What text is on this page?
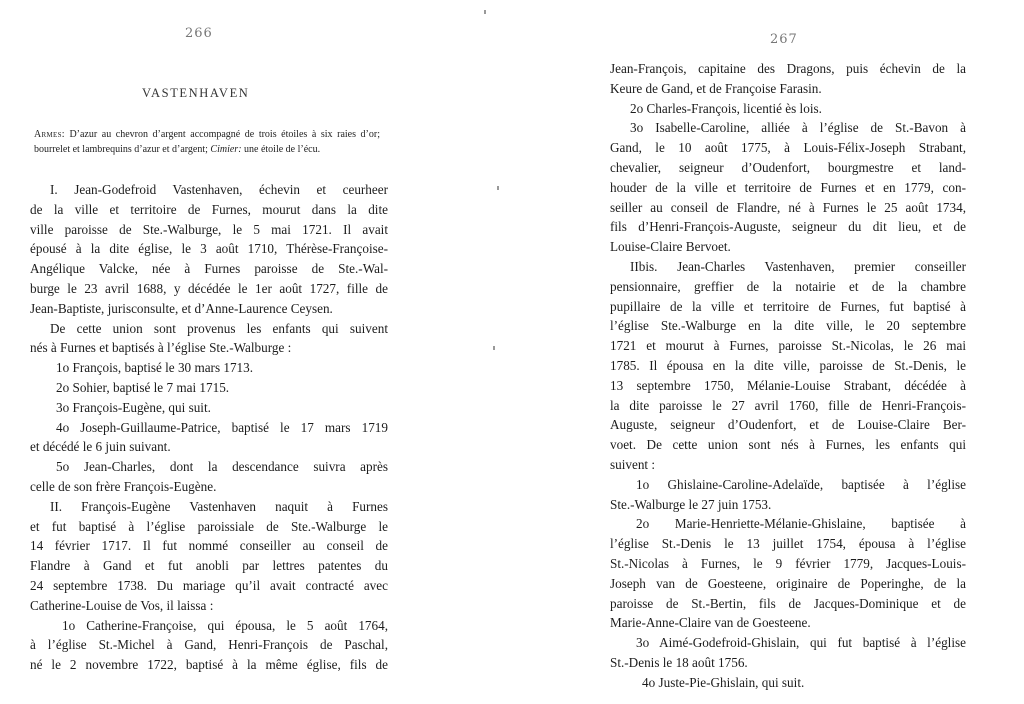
266
VASTENHAVEN
Armes: D’azur au chevron d’argent accompagné de trois étoiles à six raies d’or; bourrelet et lambrequins d’azur et d’argent; Cimier: une étoile de l’écu.
I. Jean-Godefroid Vastenhaven, échevin et ceurheer
de la ville et territoire de Furnes, mourut dans la dite
ville paroisse de Ste.-Walburge, le 5 mai 1721. Il avait
épousé à la dite église, le 3 août 1710, Thérèse-Françoise-
Angélique Valcke, née à Furnes paroisse de Ste.-Wal-
burge le 23 avril 1688, y décédée le 1er août 1727, fille de
Jean-Baptiste, jurisconsulte, et d’Anne-Laurence Ceysen.
De cette union sont provenus les enfants qui suivent
nés à Furnes et baptisés à l’église Ste.-Walburge :
1o François, baptisé le 30 mars 1713.
2o Sohier, baptisé le 7 mai 1715.
3o François-Eugène, qui suit.
4o Joseph-Guillaume-Patrice, baptisé le 17 mars 1719
et décédé le 6 juin suivant.
5o Jean-Charles, dont la descendance suivra après
celle de son frère François-Eugène.
II. François-Eugène Vastenhaven naquit à Furnes
et fut baptisé à l’église paroissiale de Ste.-Walburge le
14 février 1717. Il fut nommé conseiller au conseil de
Flandre à Gand et fut anobli par lettres patentes du
24 septembre 1738. Du mariage qu’il avait contracté avec
Catherine-Louise de Vos, il laissa :
1o Catherine-Françoise, qui épousa, le 5 août 1764,
à l’église St.-Michel à Gand, Henri-François de Paschal,
né le 2 novembre 1722, baptisé à la même église, fils de
267
Jean-François, capitaine des Dragons, puis échevin de la
Keure de Gand, et de Françoise Farasin.
2o Charles-François, licentié ès lois.
3o Isabelle-Caroline, alliée à l’église de St.-Bavon à
Gand, le 10 août 1775, à Louis-Félix-Joseph Strabant,
chevalier, seigneur d’Oudenfort, bourgmestre et land-
houder de la ville et territoire de Furnes et en 1779, con-
seiller au conseil de Flandre, né à Furnes le 25 août 1734,
fils d’Henri-François-Auguste, seigneur du dit lieu, et de
Louise-Claire Bervoet.
IIbis. Jean-Charles Vastenhaven, premier conseiller
pensionnaire, greffier de la notairie et de la chambre
pupillaire de la ville et territoire de Furnes, fut baptisé à
l’église Ste.-Walburge en la dite ville, le 20 septembre
1721 et mourut à Furnes, paroisse St.-Nicolas, le 26 mai
1785. Il épousa en la dite ville, paroisse de St.-Denis, le
13 septembre 1750, Mélanie-Louise Strabant, décédée à
la dite paroisse le 27 avril 1760, fille de Henri-François-
Auguste, seigneur d’Oudenfort, et de Louise-Claire Ber-
voet. De cette union sont nés à Furnes, les enfants qui
suivent :
1o Ghislaine-Caroline-Adelaïde, baptisée à l’église
Ste.-Walburge le 27 juin 1753.
2o Marie-Henriette-Mélanie-Ghislaine, baptisée à
l’église St.-Denis le 13 juillet 1754, épousa à l’église
St.-Nicolas à Furnes, le 9 février 1779, Jacques-Louis-
Joseph van de Goesteene, originaire de Poperinghe, de la
paroisse de St.-Bertin, fils de Jacques-Dominique et de
Marie-Anne-Claire van de Goesteene.
3o Aimé-Godefroid-Ghislain, qui fut baptisé à l’église
St.-Denis le 18 août 1756.
4o Juste-Pie-Ghislain, qui suit.
